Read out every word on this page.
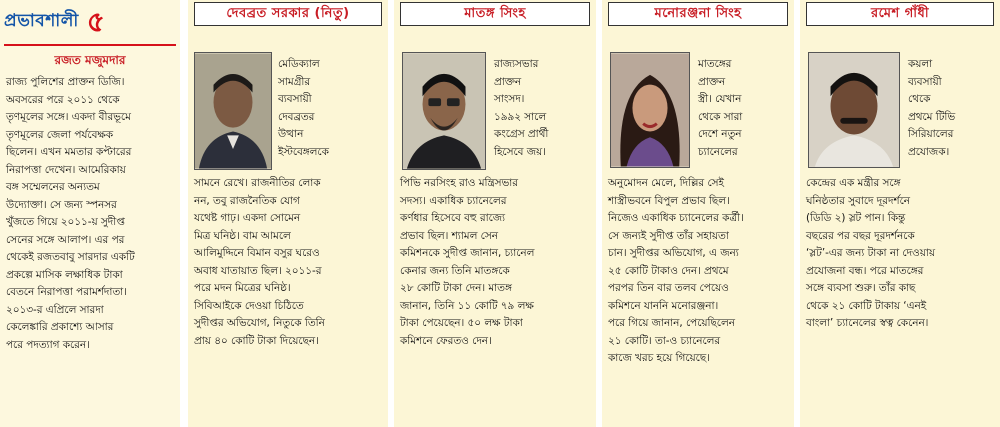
প্রভাবশালী ৫
রজত মজুমদার
রাজ্য পুলিশের প্রাক্তন ডিজি।
অবসরের পরে ২০১১ থেকে
তৃণমূলের সঙ্গে। একদা বীরভূমে
তৃণমূলের জেলা পর্যবেক্ষক
ছিলেন। এখন মমতার কপ্টারের
নিরাপত্তা দেখেন। আমেরিকায়
বঙ্গ সম্মেলনের অন্যতম
উদ্যোক্তা। সে জন্য স্পনসর
খুঁজতে গিয়ে ২০১১-য় সুদীপ্ত
সেনের সঙ্গে আলাপ। এর পর
থেকেই রজতবাবু সারদার একটি
প্রকল্পে মাসিক লক্ষাধিক টাকা
বেতনে নিরাপত্তা পরামর্শদাতা।
২০১৩-র এপ্রিলে সারদা
কেলেঙ্কারি প্রকাশ্যে আসার
পরে পদত্যাগ করেন।
দেবব্রত সরকার (নিতু)
মেডিক্যাল
সামগ্রীর
ব্যবসায়ী
দেবব্রতর
উত্থান
ইস্টবেঙ্গলকে
সামনে রেখে। রাজনীতির লোক
নন, তবু রাজনৈতিক যোগ
যথেষ্ট গাঢ়। একদা সোমেন
মিত্র ঘনিষ্ঠ। বাম আমলে
আলিমুদ্দিনে বিমান বসুর ঘরেও
অবাধ যাতায়াত ছিল। ২০১১-র
পরে মদন মিত্রের ঘনিষ্ঠ।
সিবিআইকে দেওয়া চিঠিতে
সুদীপ্তর অভিযোগ, নিতুকে তিনি
প্রায় ৪০ কোটি টাকা দিয়েছেন।
মাতঙ্গ সিংহ
রাজ্যসভার
প্রাক্তন
সাংসদ।
১৯৯২ সালে
কংগ্রেস প্রার্থী
হিসেবে জয়।
পিভি নরসিংহ রাও মন্ত্রিসভার
সদস্য। একাধিক চ্যানেলের
কর্ণধার হিসেবে বহু রাজ্যে
প্রভাব ছিল। শ্যামল সেন
কমিশনকে সুদীপ্ত জানান, চ্যানেল
কেনার জন্য তিনি মাতঙ্গকে
২৮ কোটি টাকা দেন। মাতঙ্গ
জানান, তিনি ১১ কোটি ৭৯ লক্ষ
টাকা পেয়েছেন। ৫০ লক্ষ টাকা
কমিশনে ফেরতও দেন।
মনোরঞ্জনা সিংহ
মাতঙ্গের
প্রাক্তন
স্ত্রী। যেখান
থেকে সারা
দেশে নতুন
চ্যানেলের
অনুমোদন মেলে, দিল্লির সেই
শাস্ত্রীভবনে বিপুল প্রভাব ছিল।
নিজেও একাধিক চ্যানেলের কর্ত্রী।
সে জন্যই সুদীপ্ত তাঁর সহায়তা
চান। সুদীপ্তর অভিযোগ, এ জন্য
২৫ কোটি টাকাও দেন। প্রথমে
পরপর তিন বার তলব পেয়েও
কমিশনে যাননি মনোরঞ্জনা।
পরে গিয়ে জানান, পেয়েছিলেন
২১ কোটি। তা-ও চ্যানেলের
কাজে খরচ হয়ে গিয়েছে।
রমেশ গাঁধী
কয়লা
ব্যবসায়ী
থেকে
প্রথমে টিভি
সিরিয়ালের
প্রযোজক।
কেন্দ্রের এক মন্ত্রীর সঙ্গে
ঘনিষ্ঠতার সুবাদে দূরদর্শনে
(ডিডি ২) স্লট পান। কিন্তু
বছরের পর বছর দূরদর্শনকে
‘স্লট’-এর জন্য টাকা না দেওয়ায়
প্রযোজনা বন্ধ। পরে মাতঙ্গের
সঙ্গে ব্যবসা শুরু। তাঁর কাছ
থেকে ২১ কোটি টাকায় ‘এনই
বাংলা’ চ্যানেলের স্বত্ব কেনেন।
